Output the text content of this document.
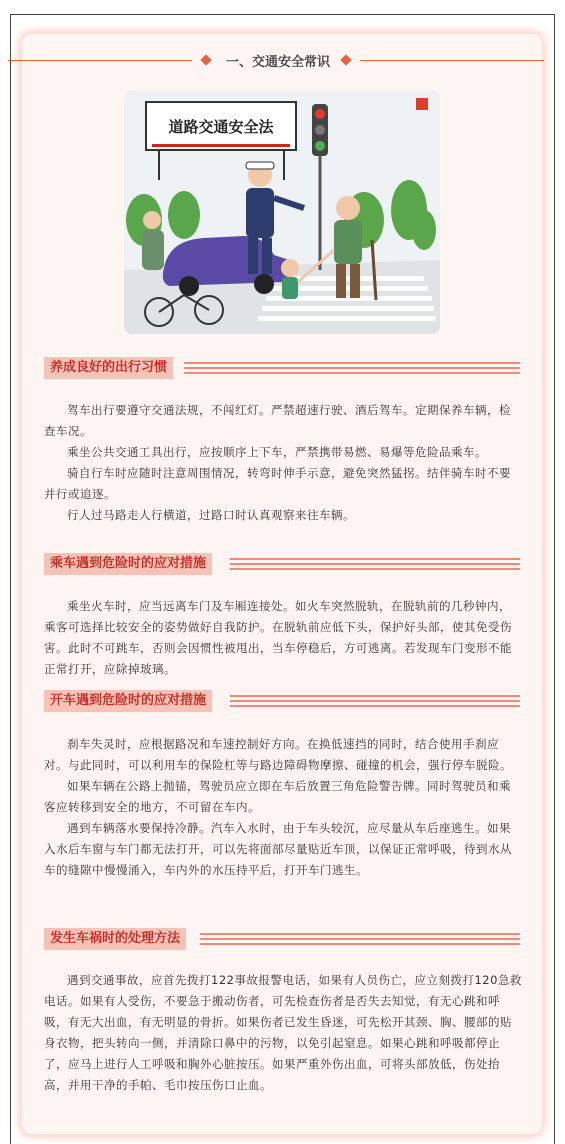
一、交通安全常识
道路交通安全法
养成良好的出行习惯

驾车出行要遵守交通法规，不闯红灯。严禁超速行驶、酒后驾车。定期保养车辆，检查车况。

乘坐公共交通工具出行，应按顺序上下车，严禁携带易燃、易爆等危险品乘车。

骑自行车时应随时注意周围情况，转弯时伸手示意，避免突然猛拐。结伴骑车时不要并行或追逐。

行人过马路走人行横道，过路口时认真观察来往车辆。

乘车遇到危险时的应对措施

乘坐火车时，应当远离车门及车厢连接处。如火车突然脱轨，在脱轨前的几秒钟内，乘客可选择比较安全的姿势做好自我防护。在脱轨前应低下头，保护好头部，使其免受伤害。此时不可跳车，否则会因惯性被甩出，当车停稳后，方可逃离。若发现车门变形不能正常打开，应除掉玻璃。

开车遇到危险时的应对措施

刹车失灵时，应根据路况和车速控制好方向。在换低速挡的同时，结合使用手刹应对。与此同时，可以利用车的保险杠等与路边障碍物摩擦、碰撞的机会，强行停车脱险。

如果车辆在公路上抛锚，驾驶员应立即在车后放置三角危险警告牌。同时驾驶员和乘客应转移到安全的地方，不可留在车内。

遇到车辆落水要保持冷静。汽车入水时，由于车头较沉，应尽量从车后座逃生。如果入水后车窗与车门都无法打开，可以先将面部尽量贴近车顶，以保证正常呼吸，待到水从车的缝隙中慢慢涌入，车内外的水压持平后，打开车门逃生。

发生车祸时的处理方法

遇到交通事故，应首先拨打122事故报警电话，如果有人员伤亡，应立刻拨打120急救电话。如果有人受伤，不要急于搬动伤者，可先检查伤者是否失去知觉，有无心跳和呼吸，有无大出血，有无明显的骨折。如果伤者已发生昏迷，可先松开其颈、胸、腰部的贴身衣物，把头转向一侧，并清除口鼻中的污物，以免引起窒息。如果心跳和呼吸都停止了，应马上进行人工呼吸和胸外心脏按压。如果严重外伤出血，可将头部放低，伤处抬高，并用干净的手帕、毛巾按压伤口止血。
